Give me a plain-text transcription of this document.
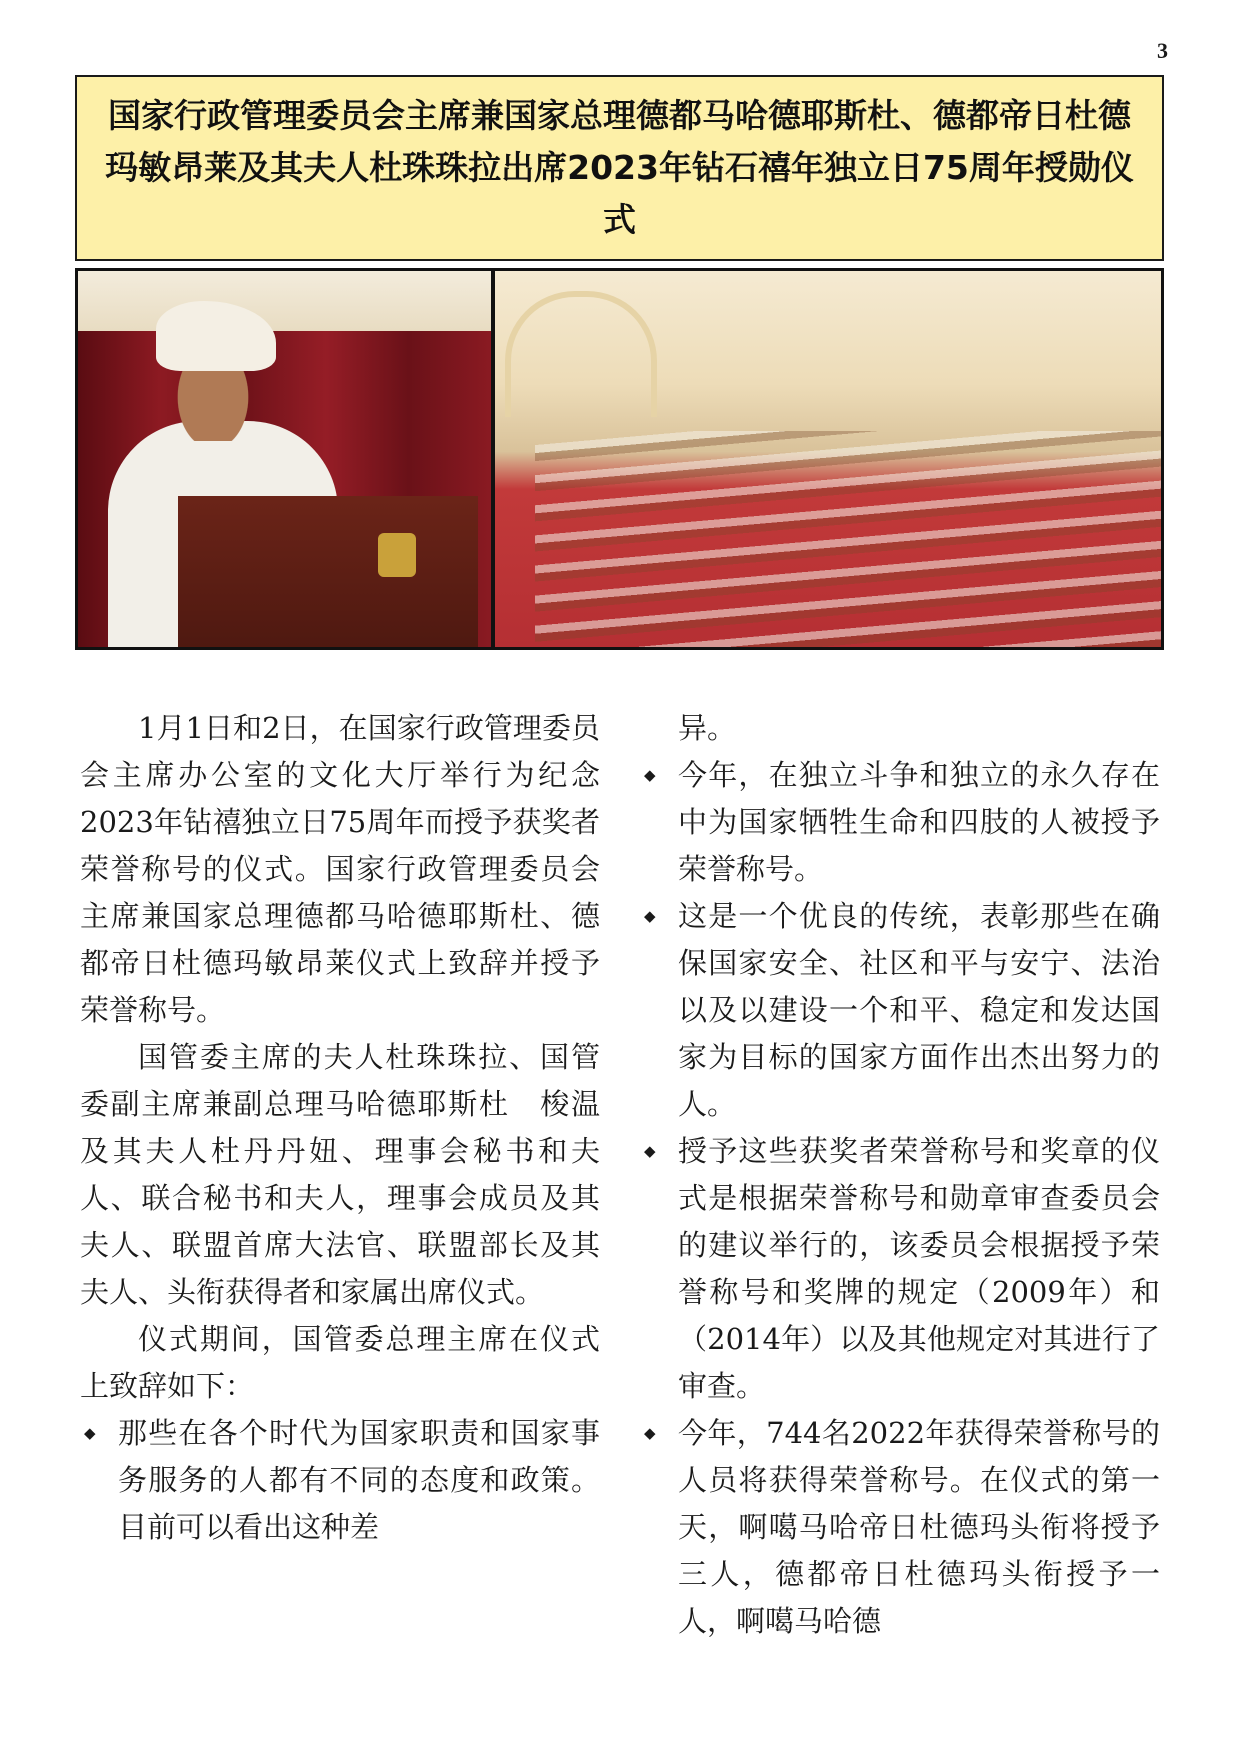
3
国家行政管理委员会主席兼国家总理德都马哈德耶斯杜、德都帝日杜德玛敏昂莱及其夫人杜珠珠拉出席2023年钻石禧年独立日75周年授勋仪式

1月1日和2日，在国家行政管理委员会主席办公室的文化大厅举行为纪念2023年钻禧独立日75周年而授予获奖者荣誉称号的仪式。国家行政管理委员会主席兼国家总理德都马哈德耶斯杜、德都帝日杜德玛敏昂莱仪式上致辞并授予荣誉称号。

国管委主席的夫人杜珠珠拉、国管委副主席兼副总理马哈德耶斯杜　梭温及其夫人杜丹丹妞、理事会秘书和夫人、联合秘书和夫人，理事会成员及其夫人、联盟首席大法官、联盟部长及其夫人、头衔获得者和家属出席仪式。

仪式期间，国管委总理主席在仪式上致辞如下：

◆ 那些在各个时代为国家职责和国家事务服务的人都有不同的态度和政策。目前可以看出这种差

异。

◆ 今年，在独立斗争和独立的永久存在中为国家牺牲生命和四肢的人被授予荣誉称号。
◆ 这是一个优良的传统，表彰那些在确保国家安全、社区和平与安宁、法治以及以建设一个和平、稳定和发达国家为目标的国家方面作出杰出努力的人。
◆ 授予这些获奖者荣誉称号和奖章的仪式是根据荣誉称号和勋章审查委员会的建议举行的，该委员会根据授予荣誉称号和奖牌的规定（2009年）和（2014年）以及其他规定对其进行了审查。
◆ 今年，744名2022年获得荣誉称号的人员将获得荣誉称号。在仪式的第一天，啊噶马哈帝日杜德玛头衔将授予三人，德都帝日杜德玛头衔授予一人，啊噶马哈德
